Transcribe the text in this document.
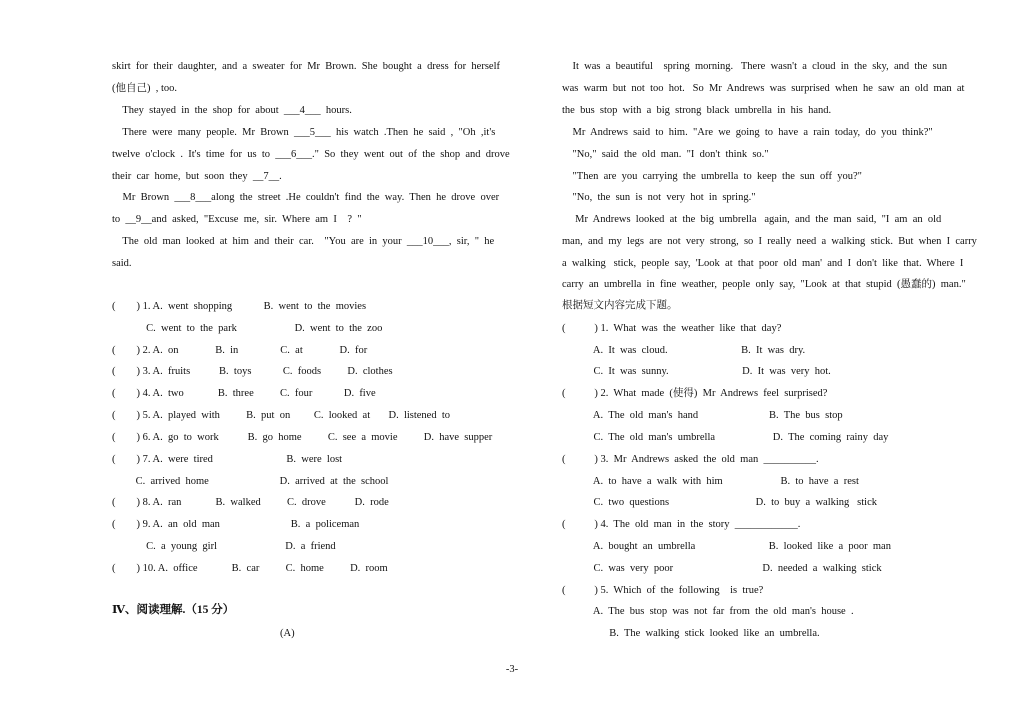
skirt  for  their  daughter,  and  a  sweater  for  Mr  Brown.  She  bought  a  dress  for  herself
(他自己)  , too.
They  stayed  in  the  shop  for  about  ___4___  hours.
There  were  many  people.  Mr  Brown  ___5___  his  watch  .Then  he  said  ,  "Oh  ,it's
twelve  o'clock  .  It's  time  for  us  to  ___6___."  So  they  went  out  of  the  shop  and  drove
their  car  home,  but  soon  they  __7__.
Mr  Brown  ___8___along  the  street  .He  couldn't  find  the  way.  Then  he  drove  over
to  __9__and  asked,  "Excuse  me,  sir.  Where  am  I    ?  "
The  old  man  looked  at  him  and  their  car.    "You  are  in  your  ___10___,  sir,  "  he
said.
(        ) 1. A.  went  shopping            B.  went  to  the  movies
C.  went  to  the  park                      D.  went  to  the  zoo
(        ) 2. A.  on              B.  in                C.  at              D.  for
(        ) 3. A.  fruits           B.  toys            C.  foods          D.  clothes
(        ) 4. A.  two             B.  three          C.  four            D.  five
(        ) 5. A.  played  with          B.  put  on         C.  looked  at       D.  listened  to
(        ) 6. A.  go  to  work           B.  go  home          C.  see  a  movie          D.  have  supper
(        ) 7. A.  were  tired                            B.  were  lost
C.  arrived  home                           D.  arrived  at  the  school
(        ) 8. A.  ran             B.  walked          C.  drove           D.  rode
(        ) 9. A.  an  old  man                           B.  a  policeman
C.  a  young  girl                          D.  a  friend
(        ) 10. A.  office             B.  car          C.  home          D.  room
Ⅳ、阅读理解.（15 分）
(A)
It  was  a  beautiful    spring  morning.   There  wasn't  a  cloud  in  the  sky,  and  the  sun
was  warm  but  not  too  hot.   So  Mr  Andrews  was  surprised  when  he  saw  an  old  man  at
the  bus  stop  with  a  big  strong  black  umbrella  in  his  hand.
Mr  Andrews  said  to  him.  "Are  we  going  to  have  a  rain  today,  do  you  think?"
"No,"  said  the  old  man.  "I  don't  think  so."
"Then  are  you  carrying  the  umbrella  to  keep  the  sun  off  you?"
"No,  the  sun  is  not  very  hot  in  spring."
Mr  Andrews  looked  at  the  big  umbrella   again,  and  the  man  said,  "I  am  an  old
man,  and  my  legs  are  not  very  strong,  so  I  really  need  a  walking  stick.  But  when  I  carry
a  walking   stick,  people  say,  'Look  at  that  poor  old  man'  and  I  don't  like  that.  Where  I
carry  an  umbrella  in  fine  weather,  people  only  say,  "Look  at  that  stupid  (愚蠢的)  man."
根据短文内容完成下题。
(           ) 1.  What  was  the  weather  like  that  day?
A.  It  was  cloud.                            B.  It  was  dry.
C.  It  was  sunny.                            D.  It  was  very  hot.
(           ) 2.  What  made  (使得)  Mr  Andrews  feel  surprised?
A.  The  old  man's  hand                           B.  The  bus  stop
C.  The  old  man's  umbrella                      D.  The  coming  rainy  day
(           ) 3.  Mr  Andrews  asked  the  old  man  __________.
A.  to  have  a  walk  with  him                      B.  to  have  a  rest
C.  two  questions                                 D.  to  buy  a  walking   stick
(           ) 4.  The  old  man  in  the  story  ____________.
A.  bought  an  umbrella                            B.  looked  like  a  poor  man
C.  was  very  poor                                  D.  needed  a  walking  stick
(           ) 5.  Which  of  the  following    is  true?
A.  The  bus  stop  was  not  far  from  the  old  man's  house  .
B.  The  walking  stick  looked  like  an  umbrella.
-3-
